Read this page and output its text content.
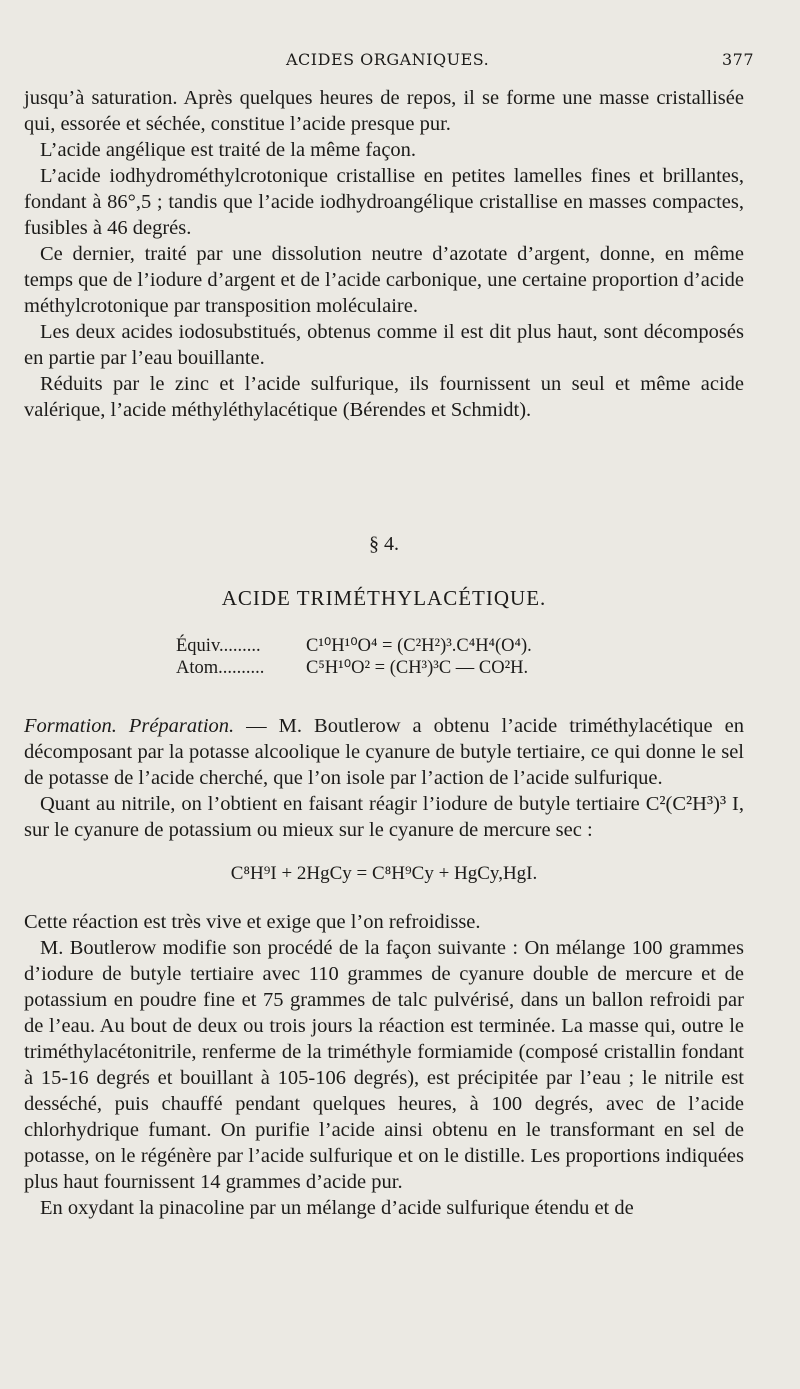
ACIDES ORGANIQUES.	377

jusqu’à saturation. Après quelques heures de repos, il se forme une masse cristallisée qui, essorée et séchée, constitue l’acide presque pur.

L’acide angélique est traité de la même façon.

L’acide iodhydrométhylcrotonique cristallise en petites lamelles fines et brillantes, fondant à 86°,5 ; tandis que l’acide iodhydroangélique cristallise en masses compactes, fusibles à 46 degrés.

Ce dernier, traité par une dissolution neutre d’azotate d’argent, donne, en même temps que de l’iodure d’argent et de l’acide carbonique, une certaine proportion d’acide méthylcrotonique par transposition moléculaire.

Les deux acides iodosubstitués, obtenus comme il est dit plus haut, sont décomposés en partie par l’eau bouillante.

Réduits par le zinc et l’acide sulfurique, ils fournissent un seul et même acide valérique, l’acide méthyléthylacétique (Bérendes et Schmidt).

§ 4.
ACIDE TRIMÉTHYLACÉTIQUE.
Équiv......... C¹⁰H¹⁰O⁴ = (C²H²)³.C⁴H⁴(O⁴).
Atom.......... C⁵H¹⁰O² = (CH³)³C — CO²H.

Formation. Préparation. — M. Boutlerow a obtenu l’acide triméthylacétique en décomposant par la potasse alcoolique le cyanure de butyle tertiaire, ce qui donne le sel de potasse de l’acide cherché, que l’on isole par l’action de l’acide sulfurique.

Quant au nitrile, on l’obtient en faisant réagir l’iodure de butyle tertiaire C²(C²H³)³ I, sur le cyanure de potassium ou mieux sur le cyanure de mercure sec :

C⁸H⁹I + 2HgCy = C⁸H⁹Cy + HgCy,HgI.

Cette réaction est très vive et exige que l’on refroidisse.

M. Boutlerow modifie son procédé de la façon suivante : On mélange 100 grammes d’iodure de butyle tertiaire avec 110 grammes de cyanure double de mercure et de potassium en poudre fine et 75 grammes de talc pulvérisé, dans un ballon refroidi par de l’eau. Au bout de deux ou trois jours la réaction est terminée. La masse qui, outre le triméthylacétonitrile, renferme de la triméthyle formiamide (composé cristallin fondant à 15-16 degrés et bouillant à 105-106 degrés), est précipitée par l’eau ; le nitrile est desséché, puis chauffé pendant quelques heures, à 100 degrés, avec de l’acide chlorhydrique fumant. On purifie l’acide ainsi obtenu en le transformant en sel de potasse, on le régénère par l’acide sulfurique et on le distille. Les proportions indiquées plus haut fournissent 14 grammes d’acide pur.

En oxydant la pinacoline par un mélange d’acide sulfurique étendu et de
